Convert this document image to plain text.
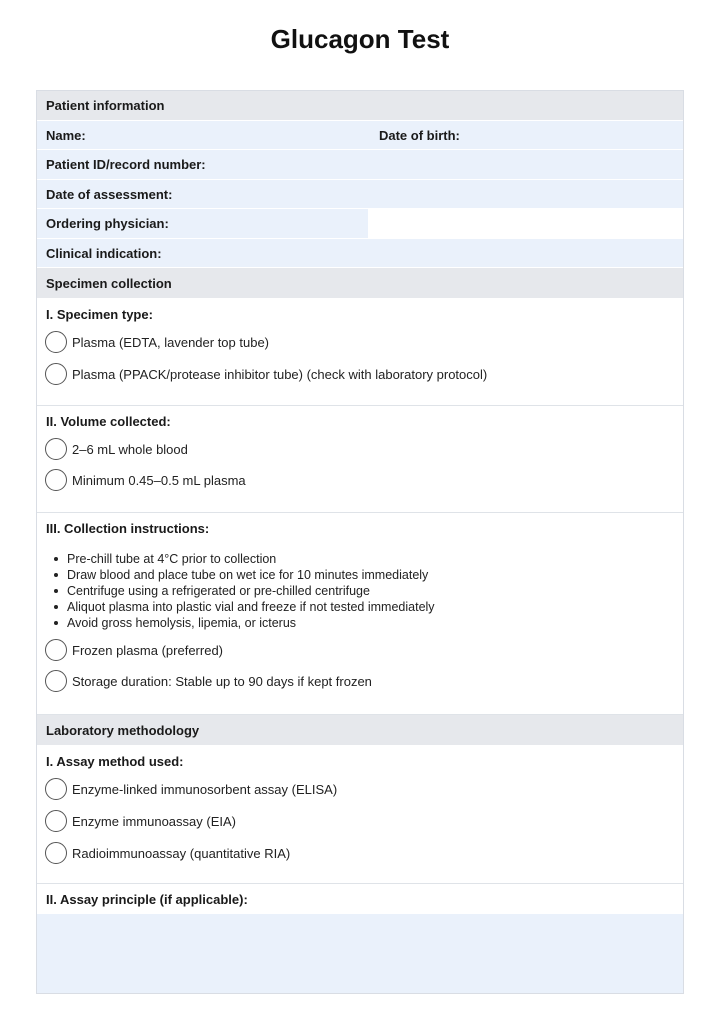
Glucagon Test
Patient information
Name:	Date of birth:
Patient ID/record number:
Date of assessment:
Ordering physician:
Clinical indication:
Specimen collection
I. Specimen type:
Plasma (EDTA, lavender top tube)
Plasma (PPACK/protease inhibitor tube) (check with laboratory protocol)
II. Volume collected:
2–6 mL whole blood
Minimum 0.45–0.5 mL plasma
III. Collection instructions:
Pre-chill tube at 4°C prior to collection
Draw blood and place tube on wet ice for 10 minutes immediately
Centrifuge using a refrigerated or pre-chilled centrifuge
Aliquot plasma into plastic vial and freeze if not tested immediately
Avoid gross hemolysis, lipemia, or icterus
Frozen plasma (preferred)
Storage duration: Stable up to 90 days if kept frozen
Laboratory methodology
I. Assay method used:
Enzyme-linked immunosorbent assay (ELISA)
Enzyme immunoassay (EIA)
Radioimmunoassay (quantitative RIA)
II. Assay principle (if applicable):
